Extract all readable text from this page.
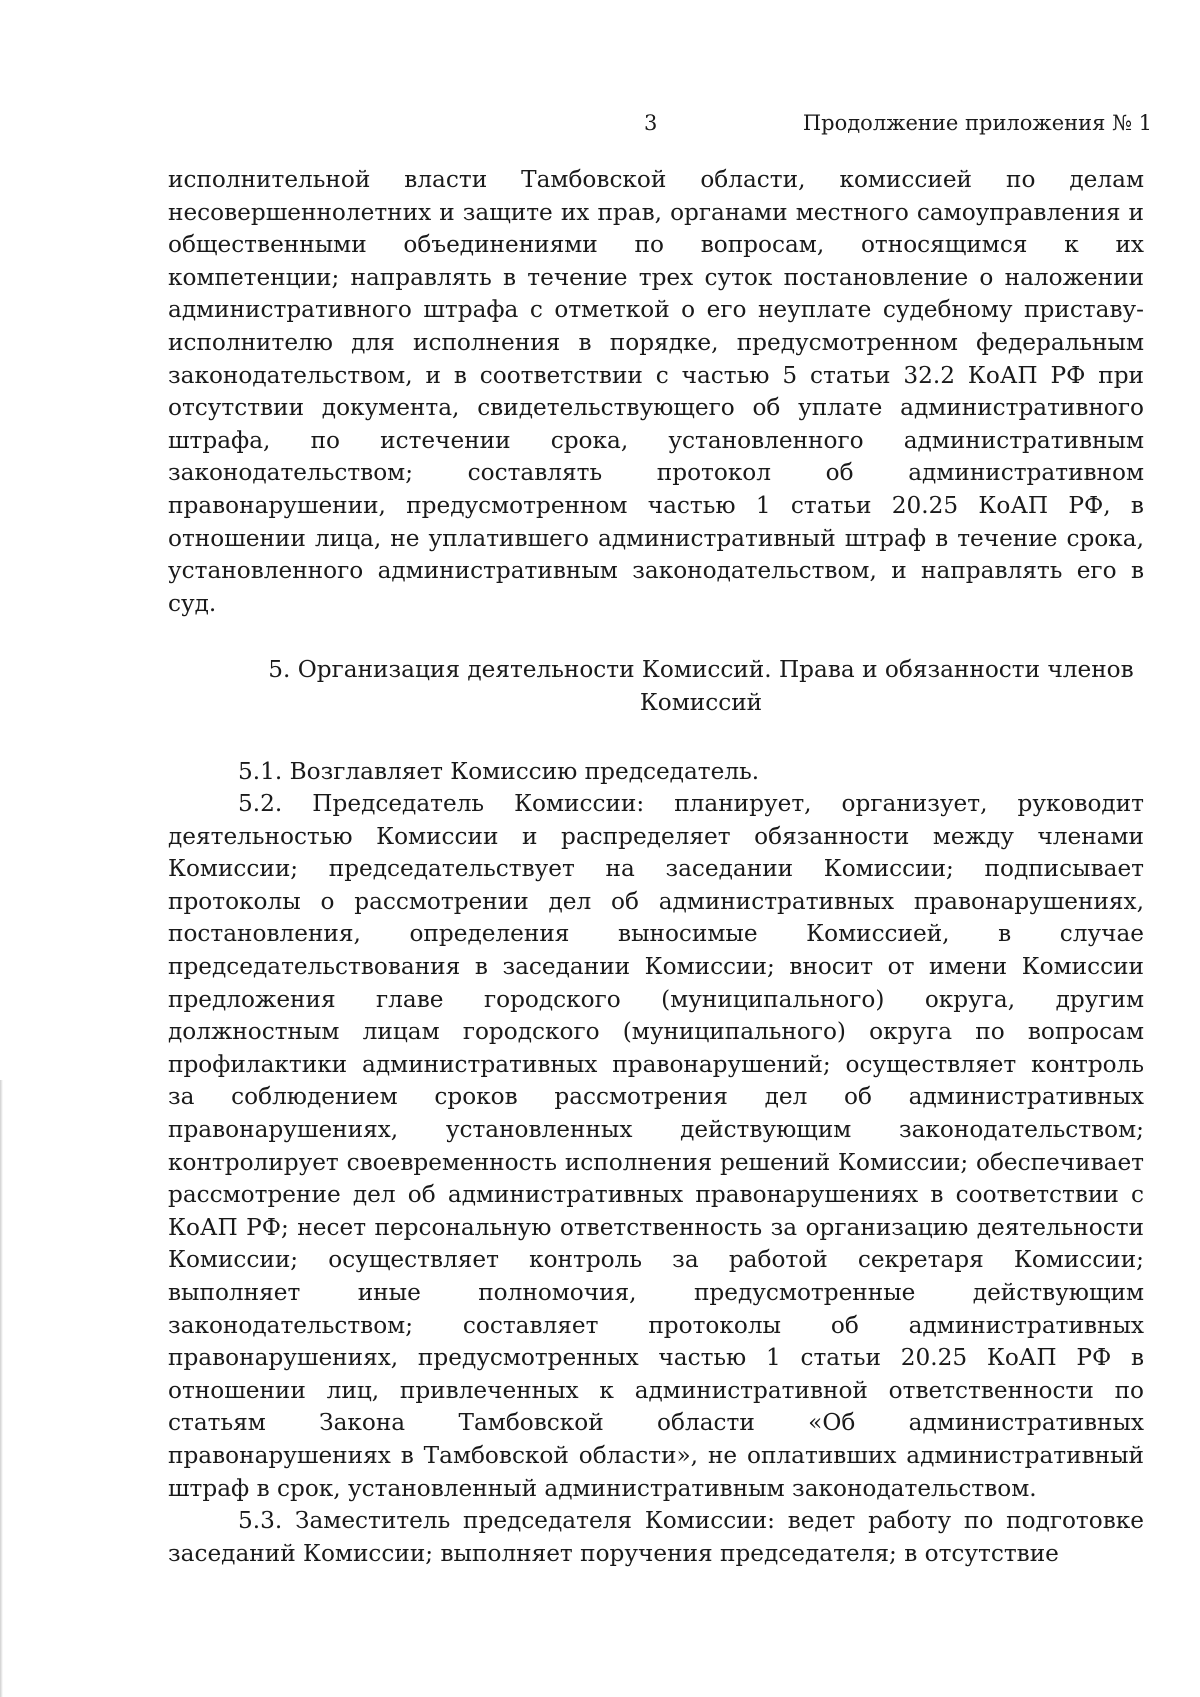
3	Продолжение приложения № 1

исполнительной власти Тамбовской области, комиссией по делам несовершеннолетних и защите их прав, органами местного самоуправления и общественными объединениями по вопросам, относящимся к их компетенции; направлять в течение трех суток постановление о наложении административного штрафа с отметкой о его неуплате судебному приставу-исполнителю для исполнения в порядке, предусмотренном федеральным законодательством, и в соответствии с частью 5 статьи 32.2 КоАП РФ при отсутствии документа, свидетельствующего об уплате административного штрафа, по истечении срока, установленного административным законодательством; составлять протокол об административном правонарушении, предусмотренном частью 1 статьи 20.25 КоАП РФ, в отношении лица, не уплатившего административный штраф в течение срока, установленного административным законодательством, и направлять его в суд.

5. Организация деятельности Комиссий. Права и обязанности членов
Комиссий

5.1. Возглавляет Комиссию председатель.

5.2. Председатель Комиссии: планирует, организует, руководит деятельностью Комиссии и распределяет обязанности между членами Комиссии; председательствует на заседании Комиссии; подписывает протоколы о рассмотрении дел об административных правонарушениях, постановления, определения выносимые Комиссией, в случае председательствования в заседании Комиссии; вносит от имени Комиссии предложения главе городского (муниципального) округа, другим должностным лицам городского (муниципального) округа по вопросам профилактики административных правонарушений; осуществляет контроль за соблюдением сроков рассмотрения дел об административных правонарушениях, установленных действующим законодательством; контролирует своевременность исполнения решений Комиссии; обеспечивает рассмотрение дел об административных правонарушениях в соответствии с КоАП РФ; несет персональную ответственность за организацию деятельности Комиссии; осуществляет контроль за работой секретаря Комиссии; выполняет иные полномочия, предусмотренные действующим законодательством; составляет протоколы об административных правонарушениях, предусмотренных частью 1 статьи 20.25 КоАП РФ в отношении лиц, привлеченных к административной ответственности по статьям Закона Тамбовской области «Об административных правонарушениях в Тамбовской области», не оплативших административный штраф в срок, установленный административным законодательством.

5.3. Заместитель председателя Комиссии: ведет работу по подготовке заседаний Комиссии; выполняет поручения председателя; в отсутствие
